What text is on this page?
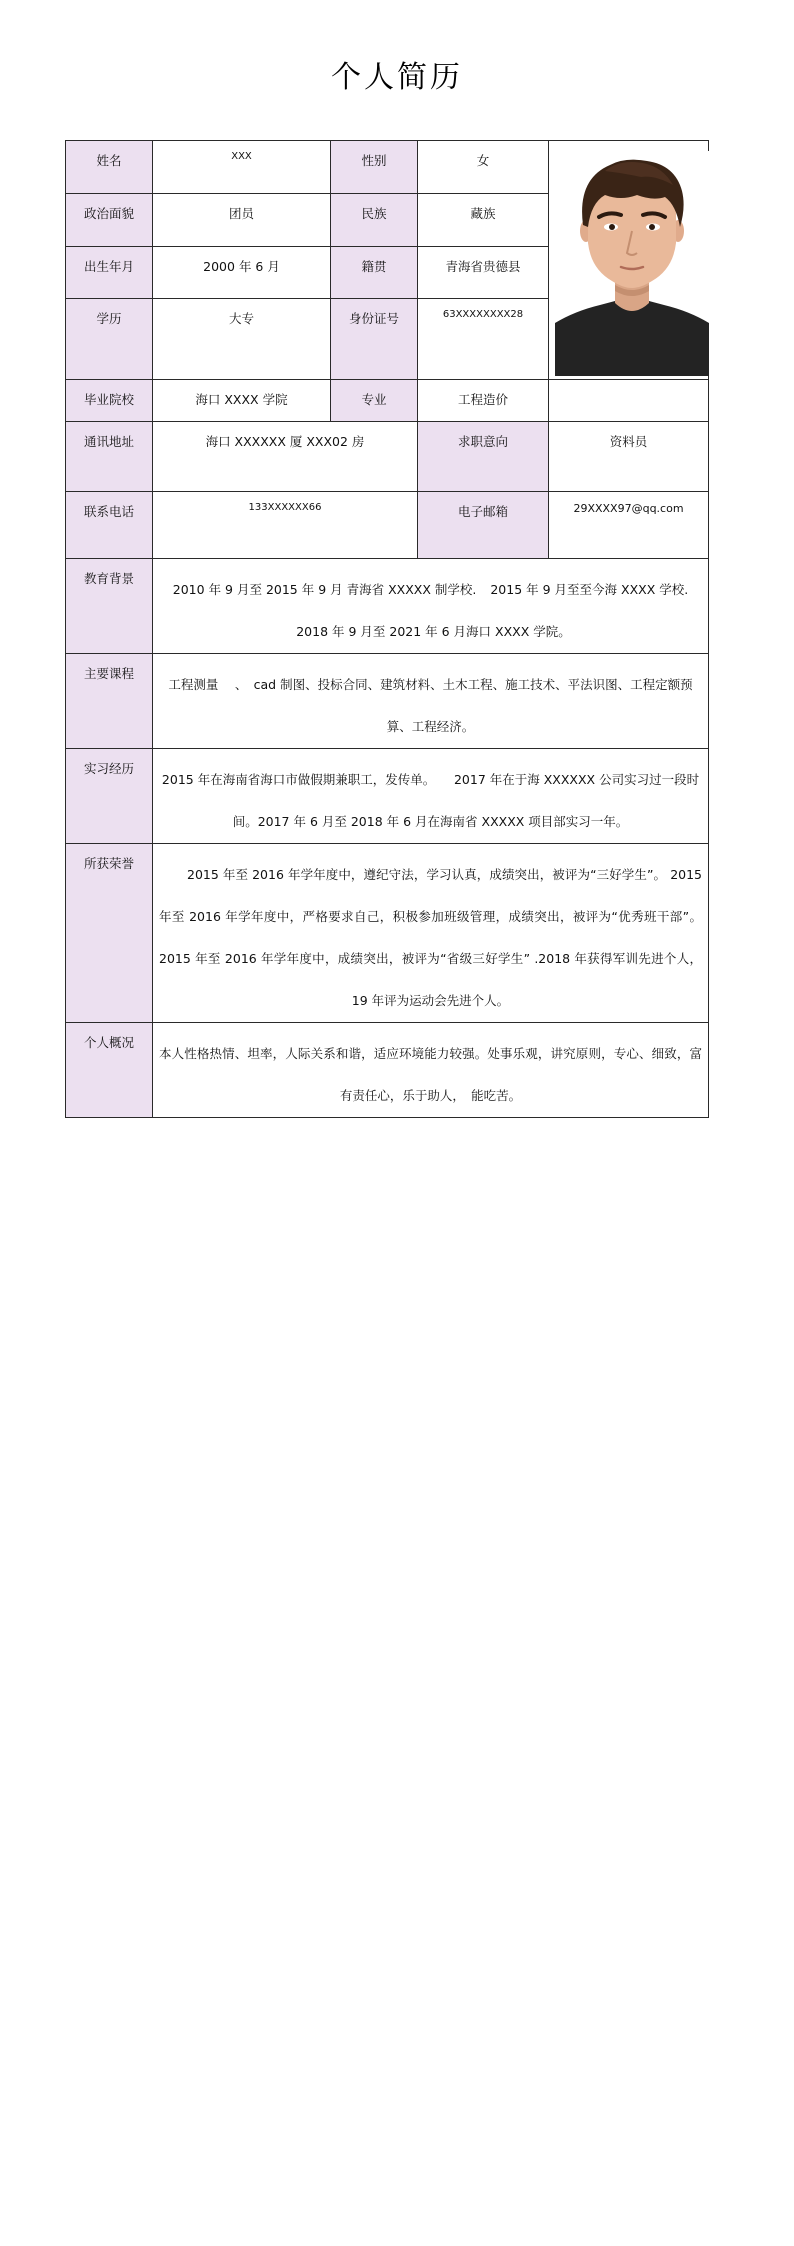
个人简历
姓名	XXX	性别	女	
政治面貌	团员	民族	藏族	
出生年月	2000 年 6 月	籍贯	青海省贵德县	
学历	大专	身份证号	63XXXXXXXX28	
毕业院校	海口 XXXX 学院	专业	工程造价	
通讯地址	海口 XXXXXX 厦 XXX02 房		求职意向	资料员
联系电话	133XXXXXX66		电子邮箱	29XXXX97@qq.com
教育背景	2010 年 9 月至 2015 年 9 月 青海省 XXXXX 制学校. 2015 年 9 月至至今海 XXXX 学校.
2018 年 9 月至 2021 年 6 月海口 XXXX 学院。			
主要课程	工程测量　 、　cad 制图、投标合同、建筑材料、土木工程、施工技术、平法识图、工程定额预算、工程经济。			
实习经历	2015 年在海南省海口市做假期兼职工，发传单。　　2017 年在于海 XXXXXX 公司实习过一段时间。2017 年 6 月至 2018 年 6 月在海南省 XXXXX 项目部实习一年。			
所获荣誉	2015 年至 2016 年学年度中，遵纪守法，学习认真，成绩突出，被评为“三好学生”。 2015 年至 2016 年学年度中，严格要求自己，积极参加班级管理，成绩突出，被评为“优秀班干部”。2015 年至 2016 年学年度中，成绩突出，被评为“省级三好学生” .2018 年获得军训先进个人，19 年评为运动会先进个人。			
个人概况	本人性格热情、坦率，人际关系和谐，适应环境能力较强。处事乐观，讲究原则，专心、细致，富有责任心，乐于助人，　能吃苦。			
